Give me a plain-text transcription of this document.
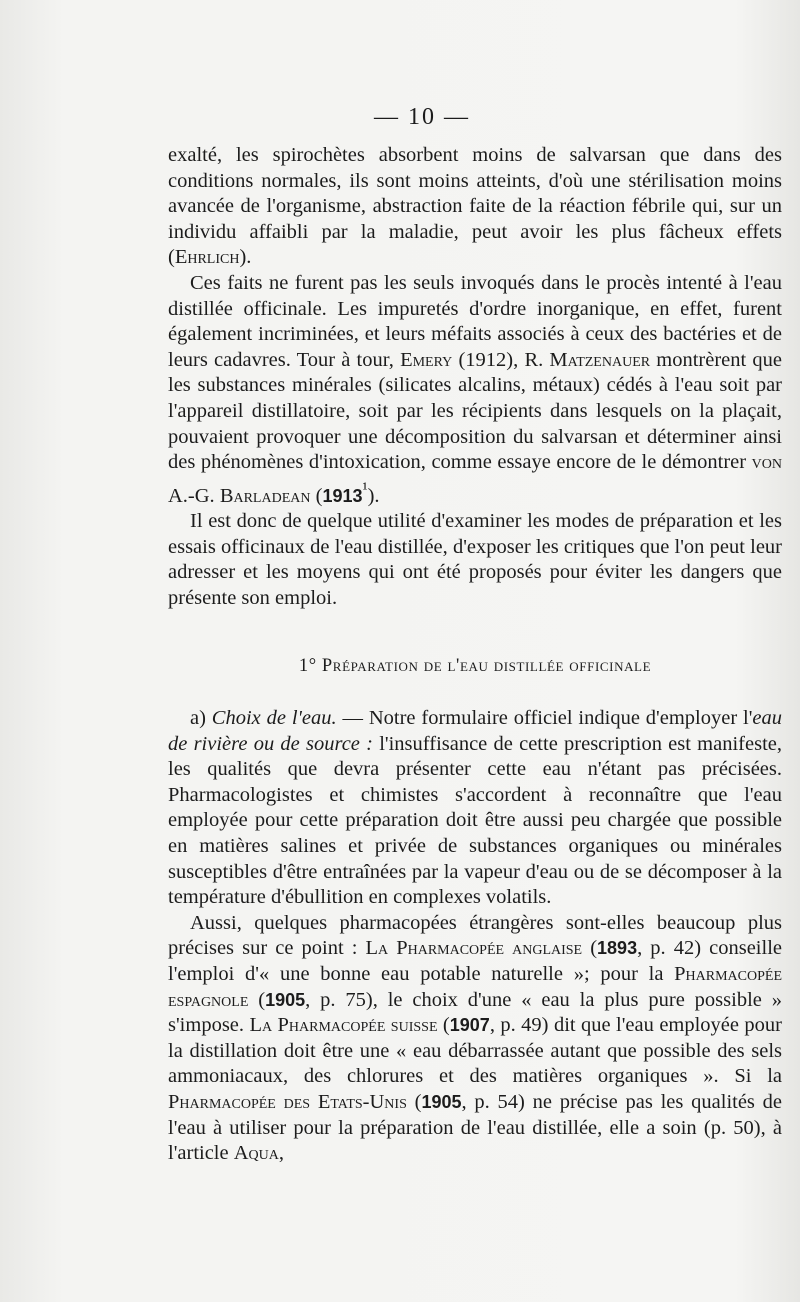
— 10 —

exalté, les spirochètes absorbent moins de salvarsan que dans des conditions normales, ils sont moins atteints, d'où une stérilisation moins avancée de l'organisme, abstraction faite de la réaction fébrile qui, sur un individu affaibli par la maladie, peut avoir les plus fâcheux effets (Ehrlich).

Ces faits ne furent pas les seuls invoqués dans le procès intenté à l'eau distillée officinale. Les impuretés d'ordre inorganique, en effet, furent également incriminées, et leurs méfaits associés à ceux des bactéries et de leurs cadavres. Tour à tour, Emery (1912), R. Matzenauer montrèrent que les substances minérales (silicates alcalins, métaux) cédés à l'eau soit par l'appareil distillatoire, soit par les récipients dans lesquels on la plaçait, pouvaient provoquer une décomposition du salvarsan et déterminer ainsi des phénomènes d'intoxication, comme essaye encore de le démontrer von A.-G. Barladean $(1913^{^1})$.

Il est donc de quelque utilité d'examiner les modes de préparation et les essais officinaux de l'eau distillée, d'exposer les critiques que l'on peut leur adresser et les moyens qui ont été proposés pour éviter les dangers que présente son emploi.

1° Préparation de l'eau distillée officinale

a) Choix de l'eau. — Notre formulaire officiel indique d'employer l'eau de rivière ou de source : l'insuffisance de cette prescription est manifeste, les qualités que devra présenter cette eau n'étant pas précisées. Pharmacologistes et chimistes s'accordent à reconnaître que l'eau employée pour cette préparation doit être aussi peu chargée que possible en matières salines et privée de substances organiques ou minérales susceptibles d'être entraînées par la vapeur d'eau ou de se décomposer à la température d'ébullition en complexes volatils.

Aussi, quelques pharmacopées étrangères sont-elles beaucoup plus précises sur ce point : La Pharmacopée anglaise (1893, p. 42) conseille l'emploi d'« une bonne eau potable naturelle »; pour la Pharmacopée espagnole (1905, p. 75), le choix d'une « eau la plus pure possible » s'impose. La Pharmacopée suisse (1907, p. 49) dit que l'eau employée pour la distillation doit être une « eau débarrassée autant que possible des sels ammoniacaux, des chlorures et des matières organiques ». Si la Pharmacopée des Etats-Unis (1905, p. 54) ne précise pas les qualités de l'eau à utiliser pour la préparation de l'eau distillée, elle a soin (p. 50), à l'article Aqua,
